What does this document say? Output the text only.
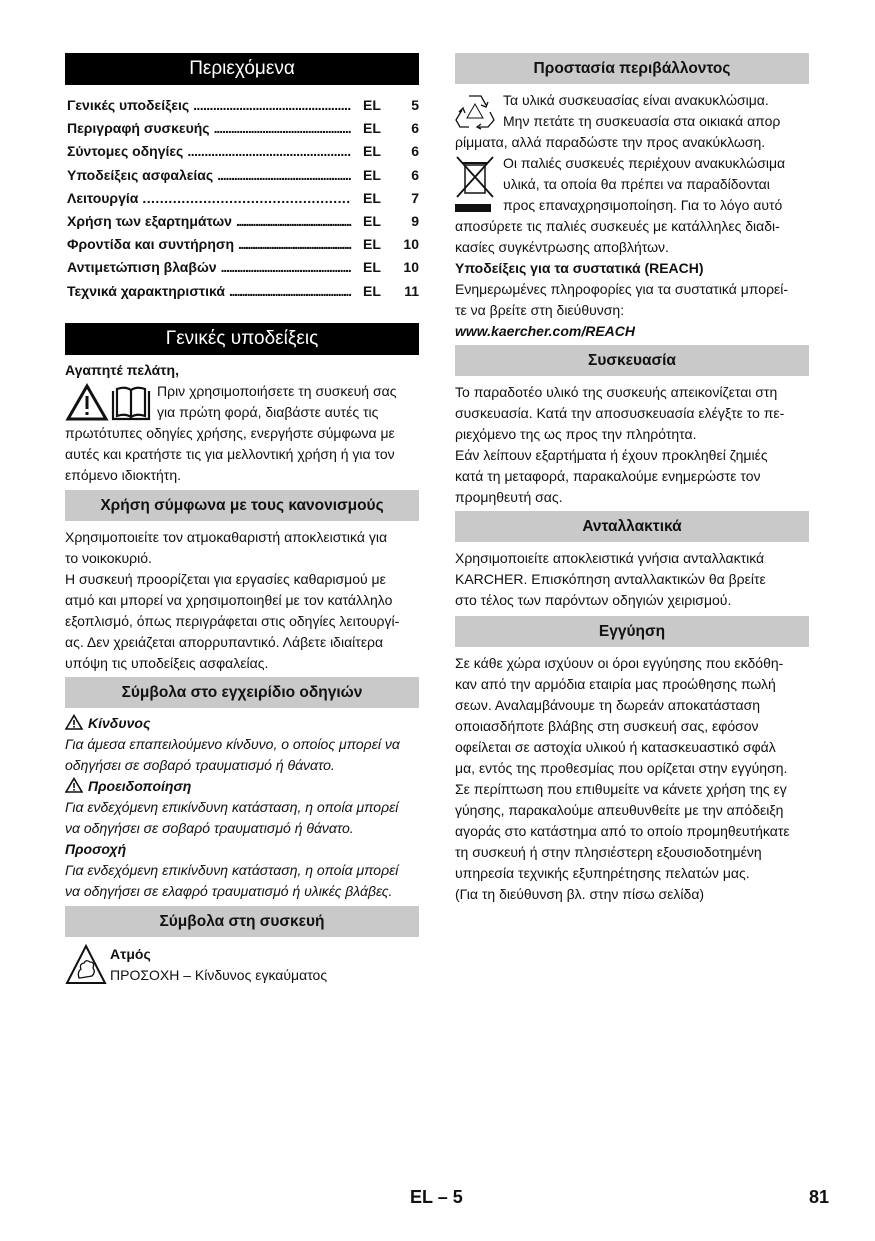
Περιεχόμενα
Γενικές υποδείξεις ................................................ EL	5
Περιγραφή συσκευής ................................................ EL	6
Σύντομες οδηγίες ................................................ EL	6
Υποδείξεις ασφαλείας ................................................ EL	6
Λειτουργία ................................................ EL	7
Χρήση των εξαρτημάτων ................................................ EL	9
Φροντίδα και συντήρηση ................................................ EL	10
Αντιμετώπιση βλαβών ................................................ EL	10
Τεχνικά χαρακτηριστικά ................................................ EL	11
Γενικές υποδείξεις
Αγαπητέ πελάτη,
Πριν χρησιμοποιήσετε τη συσκευή σας
για πρώτη φορά, διαβάστε αυτές τις
πρωτότυπες οδηγίες χρήσης, ενεργήστε σύμφωνα με
αυτές και κρατήστε τις για μελλοντική χρήση ή για τον
επόμενο ιδιοκτήτη.
Χρήση σύμφωνα με τους κανονισμούς
Χρησιμοποιείτε τον ατμοκαθαριστή αποκλειστικά για
το νοικοκυριό.
Η συσκευή προορίζεται για εργασίες καθαρισμού με
ατμό και μπορεί να χρησιμοποιηθεί με τον κατάλληλο
εξοπλισμό, όπως περιγράφεται στις οδηγίες λειτουργί-
ας. Δεν χρειάζεται απορρυπαντικό. Λάβετε ιδιαίτερα
υπόψη τις υποδείξεις ασφαλείας.
Σύμβολα στο εγχειρίδιο οδηγιών
Κίνδυνος
Για άμεσα επαπειλούμενο κίνδυνο, ο οποίος μπορεί να
οδηγήσει σε σοβαρό τραυματισμό ή θάνατο.
Προειδοποίηση
Για ενδεχόμενη επικίνδυνη κατάσταση, η οποία μπορεί
να οδηγήσει σε σοβαρό τραυματισμό ή θάνατο.
Προσοχή
Για ενδεχόμενη επικίνδυνη κατάσταση, η οποία μπορεί
να οδηγήσει σε ελαφρό τραυματισμό ή υλικές βλάβες.
Σύμβολα στη συσκευή
Ατμός
ΠΡΟΣΟΧΗ – Κίνδυνος εγκαύματος
Προστασία περιβάλλοντος
Τα υλικά συσκευασίας είναι ανακυκλώσιμα.
Μην πετάτε τη συσκευασία στα οικιακά απορ
ρίμματα, αλλά παραδώστε την προς ανακύκλωση.
Οι παλιές συσκευές περιέχουν ανακυκλώσιμα
υλικά, τα οποία θα πρέπει να παραδίδονται
προς επαναχρησιμοποίηση. Για το λόγο αυτό
αποσύρετε τις παλιές συσκευές με κατάλληλες διαδι-
κασίες συγκέντρωσης αποβλήτων.
Υποδείξεις για τα συστατικά (REACH)
Ενημερωμένες πληροφορίες για τα συστατικά μπορεί-
τε να βρείτε στη διεύθυνση:
www.kaercher.com/REACH
Συσκευασία
Το παραδοτέο υλικό της συσκευής απεικονίζεται στη
συσκευασία. Κατά την αποσυσκευασία ελέγξτε το πε-
ριεχόμενο της ως προς την πληρότητα.
Εάν λείπουν εξαρτήματα ή έχουν προκληθεί ζημιές
κατά τη μεταφορά, παρακαλούμε ενημερώστε τον
προμηθευτή σας.
Ανταλλακτικά
Χρησιμοποιείτε αποκλειστικά γνήσια ανταλλακτικά
KARCHER. Επισκόπηση ανταλλακτικών θα βρείτε
στο τέλος των παρόντων οδηγιών χειρισμού.
Εγγύηση
Σε κάθε χώρα ισχύουν οι όροι εγγύησης που εκδόθη-
καν από την αρμόδια εταιρία μας προώθησης πωλή
σεων. Αναλαμβάνουμε τη δωρεάν αποκατάσταση
οποιασδήποτε βλάβης στη συσκευή σας, εφόσον
οφείλεται σε αστοχία υλικού ή κατασκευαστικό σφάλ
μα, εντός της προθεσμίας που ορίζεται στην εγγύηση.
Σε περίπτωση που επιθυμείτε να κάνετε χρήση της εγ
γύησης, παρακαλούμε απευθυνθείτε με την απόδειξη
αγοράς στο κατάστημα από το οποίο προμηθευτήκατε
τη συσκευή ή στην πλησιέστερη εξουσιοδοτημένη
υπηρεσία τεχνικής εξυπηρέτησης πελατών μας.
(Για τη διεύθυνση βλ. στην πίσω σελίδα)
EL – 5	81
